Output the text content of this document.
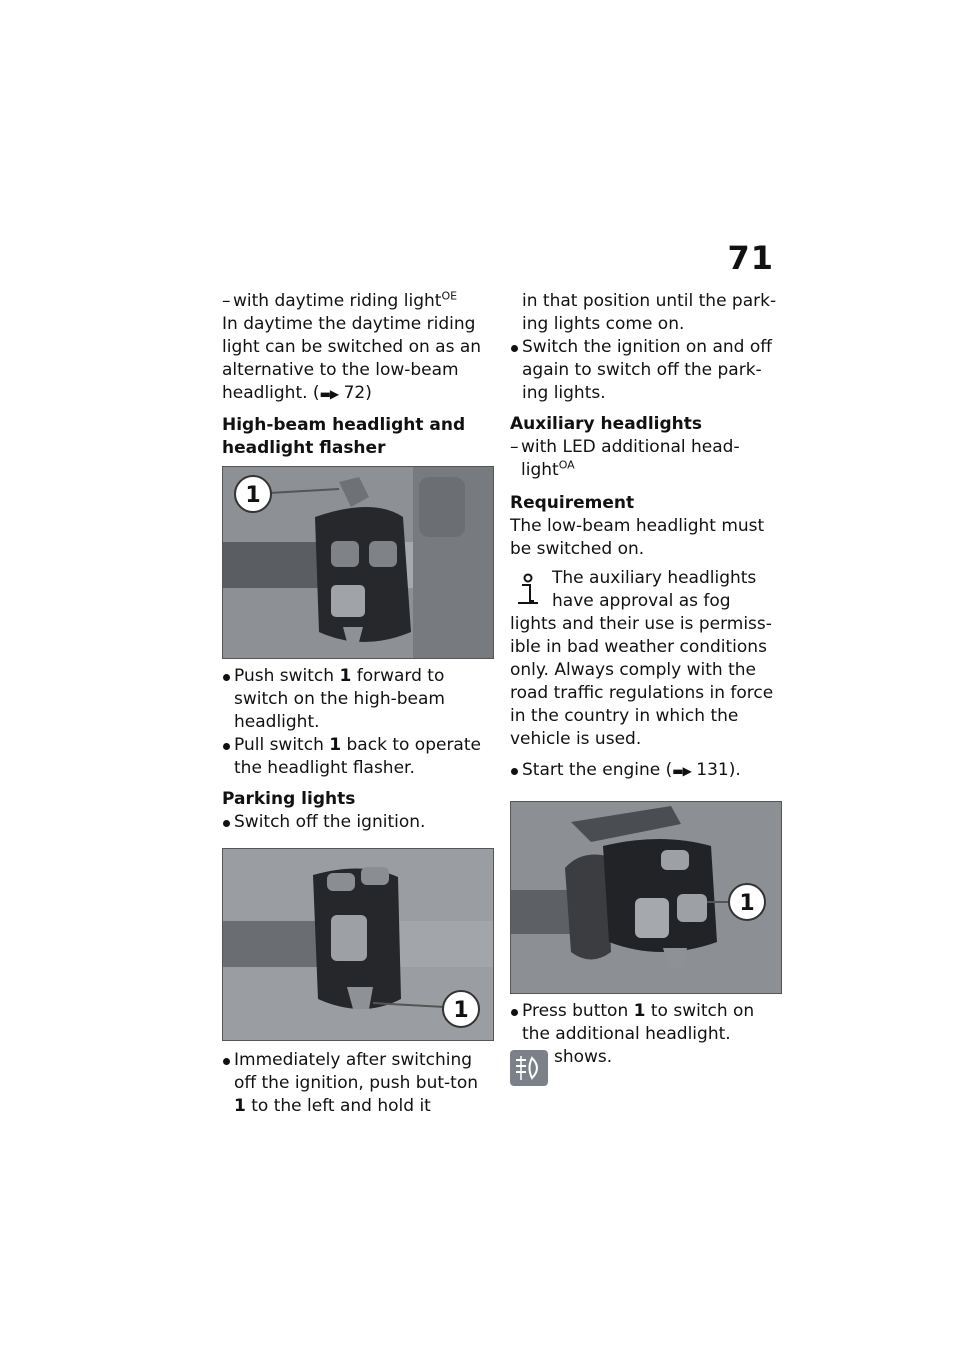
71

– with daytime riding light$^{OE}$

In daytime the daytime riding light can be switched on as an alternative to the low-beam headlight. (▬▶ 72)

High-beam headlight and
headlight flasher

1
Push switch 1 forward to switch on the high-beam headlight.
Pull switch 1 back to operate the headlight flasher.

Parking lights

Switch off the ignition.
1
Immediately after switching off the ignition, push but-ton 1 to the left and hold it

in that position until the park-ing lights come on.

Switch the ignition on and off again to switch off the park-ing lights.

Auxiliary headlights

– with LED additional head-
light$^{OA}$

Requirement

The low-beam headlight must be switched on.

The auxiliary headlights
have approval as fog
lights and their use is permiss-ible in bad weather conditions only. Always comply with the road traffic regulations in force in the country in which the vehicle is used.

Start the engine (▬▶ 131).
1
Press button 1 to switch on the additional headlight.
shows.
